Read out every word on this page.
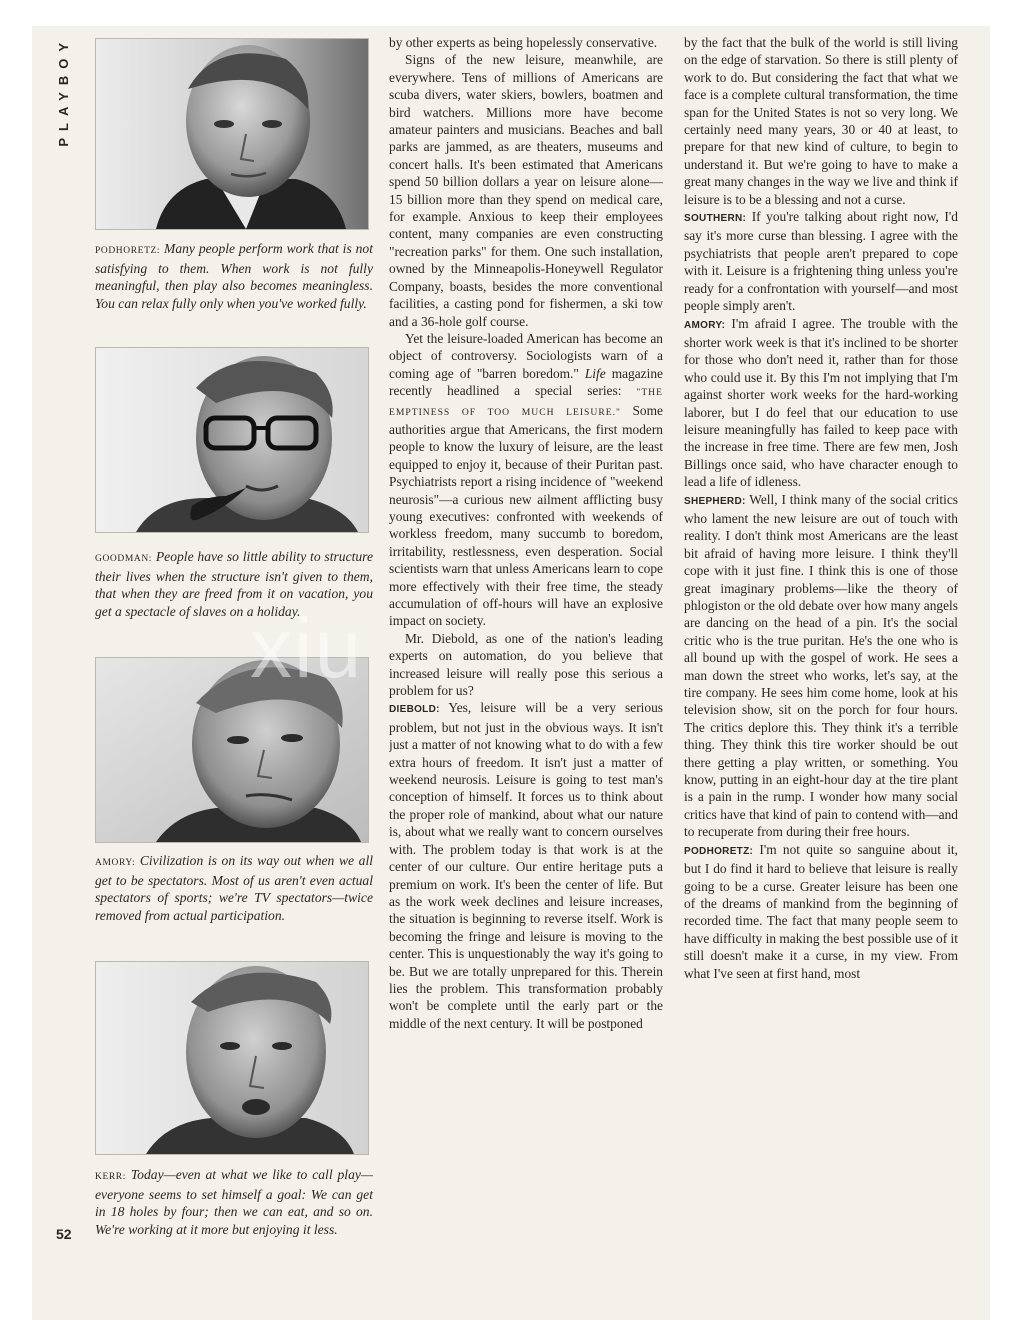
PLAYBOY
52
PODHORETZ: Many people perform work that is not satisfying to them. When work is not fully meaningful, then play also becomes meaningless. You can relax fully only when you've worked fully.
GOODMAN: People have so little ability to structure their lives when the structure isn't given to them, that when they are freed from it on vacation, you get a spectacle of slaves on a holiday.
AMORY: Civilization is on its way out when we all get to be spectators. Most of us aren't even actual spectators of sports; we're TV spectators—twice removed from actual participation.
KERR: Today—even at what we like to call play—everyone seems to set himself a goal: We can get in 18 holes by four; then we can eat, and so on. We're working at it more but enjoying it less.

by other experts as being hopelessly conservative.

Signs of the new leisure, meanwhile, are everywhere. Tens of millions of Americans are scuba divers, water skiers, bowlers, boatmen and bird watchers. Millions more have become amateur painters and musicians. Beaches and ball parks are jammed, as are theaters, museums and concert halls. It's been estimated that Americans spend 50 billion dollars a year on leisure alone—15 billion more than they spend on medical care, for example. Anxious to keep their employees content, many companies are even constructing "recreation parks" for them. One such installation, owned by the Minneapolis-Honeywell Regulator Company, boasts, besides the more conventional facilities, a casting pond for fishermen, a ski tow and a 36-hole golf course.

Yet the leisure-loaded American has become an object of controversy. Sociologists warn of a coming age of "barren boredom." Life magazine recently headlined a special series: "THE EMPTINESS OF TOO MUCH LEISURE." Some authorities argue that Americans, the first modern people to know the luxury of leisure, are the least equipped to enjoy it, because of their Puritan past. Psychiatrists report a rising incidence of "weekend neurosis"—a curious new ailment afflicting busy young executives: confronted with weekends of workless freedom, many succumb to boredom, irritability, restlessness, even desperation. Social scientists warn that unless Americans learn to cope more effectively with their free time, the steady accumulation of off-hours will have an explosive impact on society.

Mr. Diebold, as one of the nation's leading experts on automation, do you believe that increased leisure will really pose this serious a problem for us?

DIEBOLD: Yes, leisure will be a very serious problem, but not just in the obvious ways. It isn't just a matter of not knowing what to do with a few extra hours of freedom. It isn't just a matter of weekend neurosis. Leisure is going to test man's conception of himself. It forces us to think about the proper role of mankind, about what our nature is, about what we really want to concern ourselves with. The problem today is that work is at the center of our culture. Our entire heritage puts a premium on work. It's been the center of life. But as the work week declines and leisure increases, the situation is beginning to reverse itself. Work is becoming the fringe and leisure is moving to the center. This is unquestionably the way it's going to be. But we are totally unprepared for this. Therein lies the problem. This transformation probably won't be complete until the early part or the middle of the next century. It will be postponed

by the fact that the bulk of the world is still living on the edge of starvation. So there is still plenty of work to do. But considering the fact that what we face is a complete cultural transformation, the time span for the United States is not so very long. We certainly need many years, 30 or 40 at least, to prepare for that new kind of culture, to begin to understand it. But we're going to have to make a great many changes in the way we live and think if leisure is to be a blessing and not a curse.

SOUTHERN: If you're talking about right now, I'd say it's more curse than blessing. I agree with the psychiatrists that people aren't prepared to cope with it. Leisure is a frightening thing unless you're ready for a confrontation with yourself—and most people simply aren't.

AMORY: I'm afraid I agree. The trouble with the shorter work week is that it's inclined to be shorter for those who don't need it, rather than for those who could use it. By this I'm not implying that I'm against shorter work weeks for the hard-working laborer, but I do feel that our education to use leisure meaningfully has failed to keep pace with the increase in free time. There are few men, Josh Billings once said, who have character enough to lead a life of idleness.

SHEPHERD: Well, I think many of the social critics who lament the new leisure are out of touch with reality. I don't think most Americans are the least bit afraid of having more leisure. I think they'll cope with it just fine. I think this is one of those great imaginary problems—like the theory of phlogiston or the old debate over how many angels are dancing on the head of a pin. It's the social critic who is the true puritan. He's the one who is all bound up with the gospel of work. He sees a man down the street who works, let's say, at the tire company. He sees him come home, look at his television show, sit on the porch for four hours. The critics deplore this. They think it's a terrible thing. They think this tire worker should be out there getting a play written, or something. You know, putting in an eight-hour day at the tire plant is a pain in the rump. I wonder how many social critics have that kind of pain to contend with—and to recuperate from during their free hours.

PODHORETZ: I'm not quite so sanguine about it, but I do find it hard to believe that leisure is really going to be a curse. Greater leisure has been one of the dreams of mankind from the beginning of recorded time. The fact that many people seem to have difficulty in making the best possible use of it still doesn't make it a curse, in my view. From what I've seen at first hand, most

xiu
